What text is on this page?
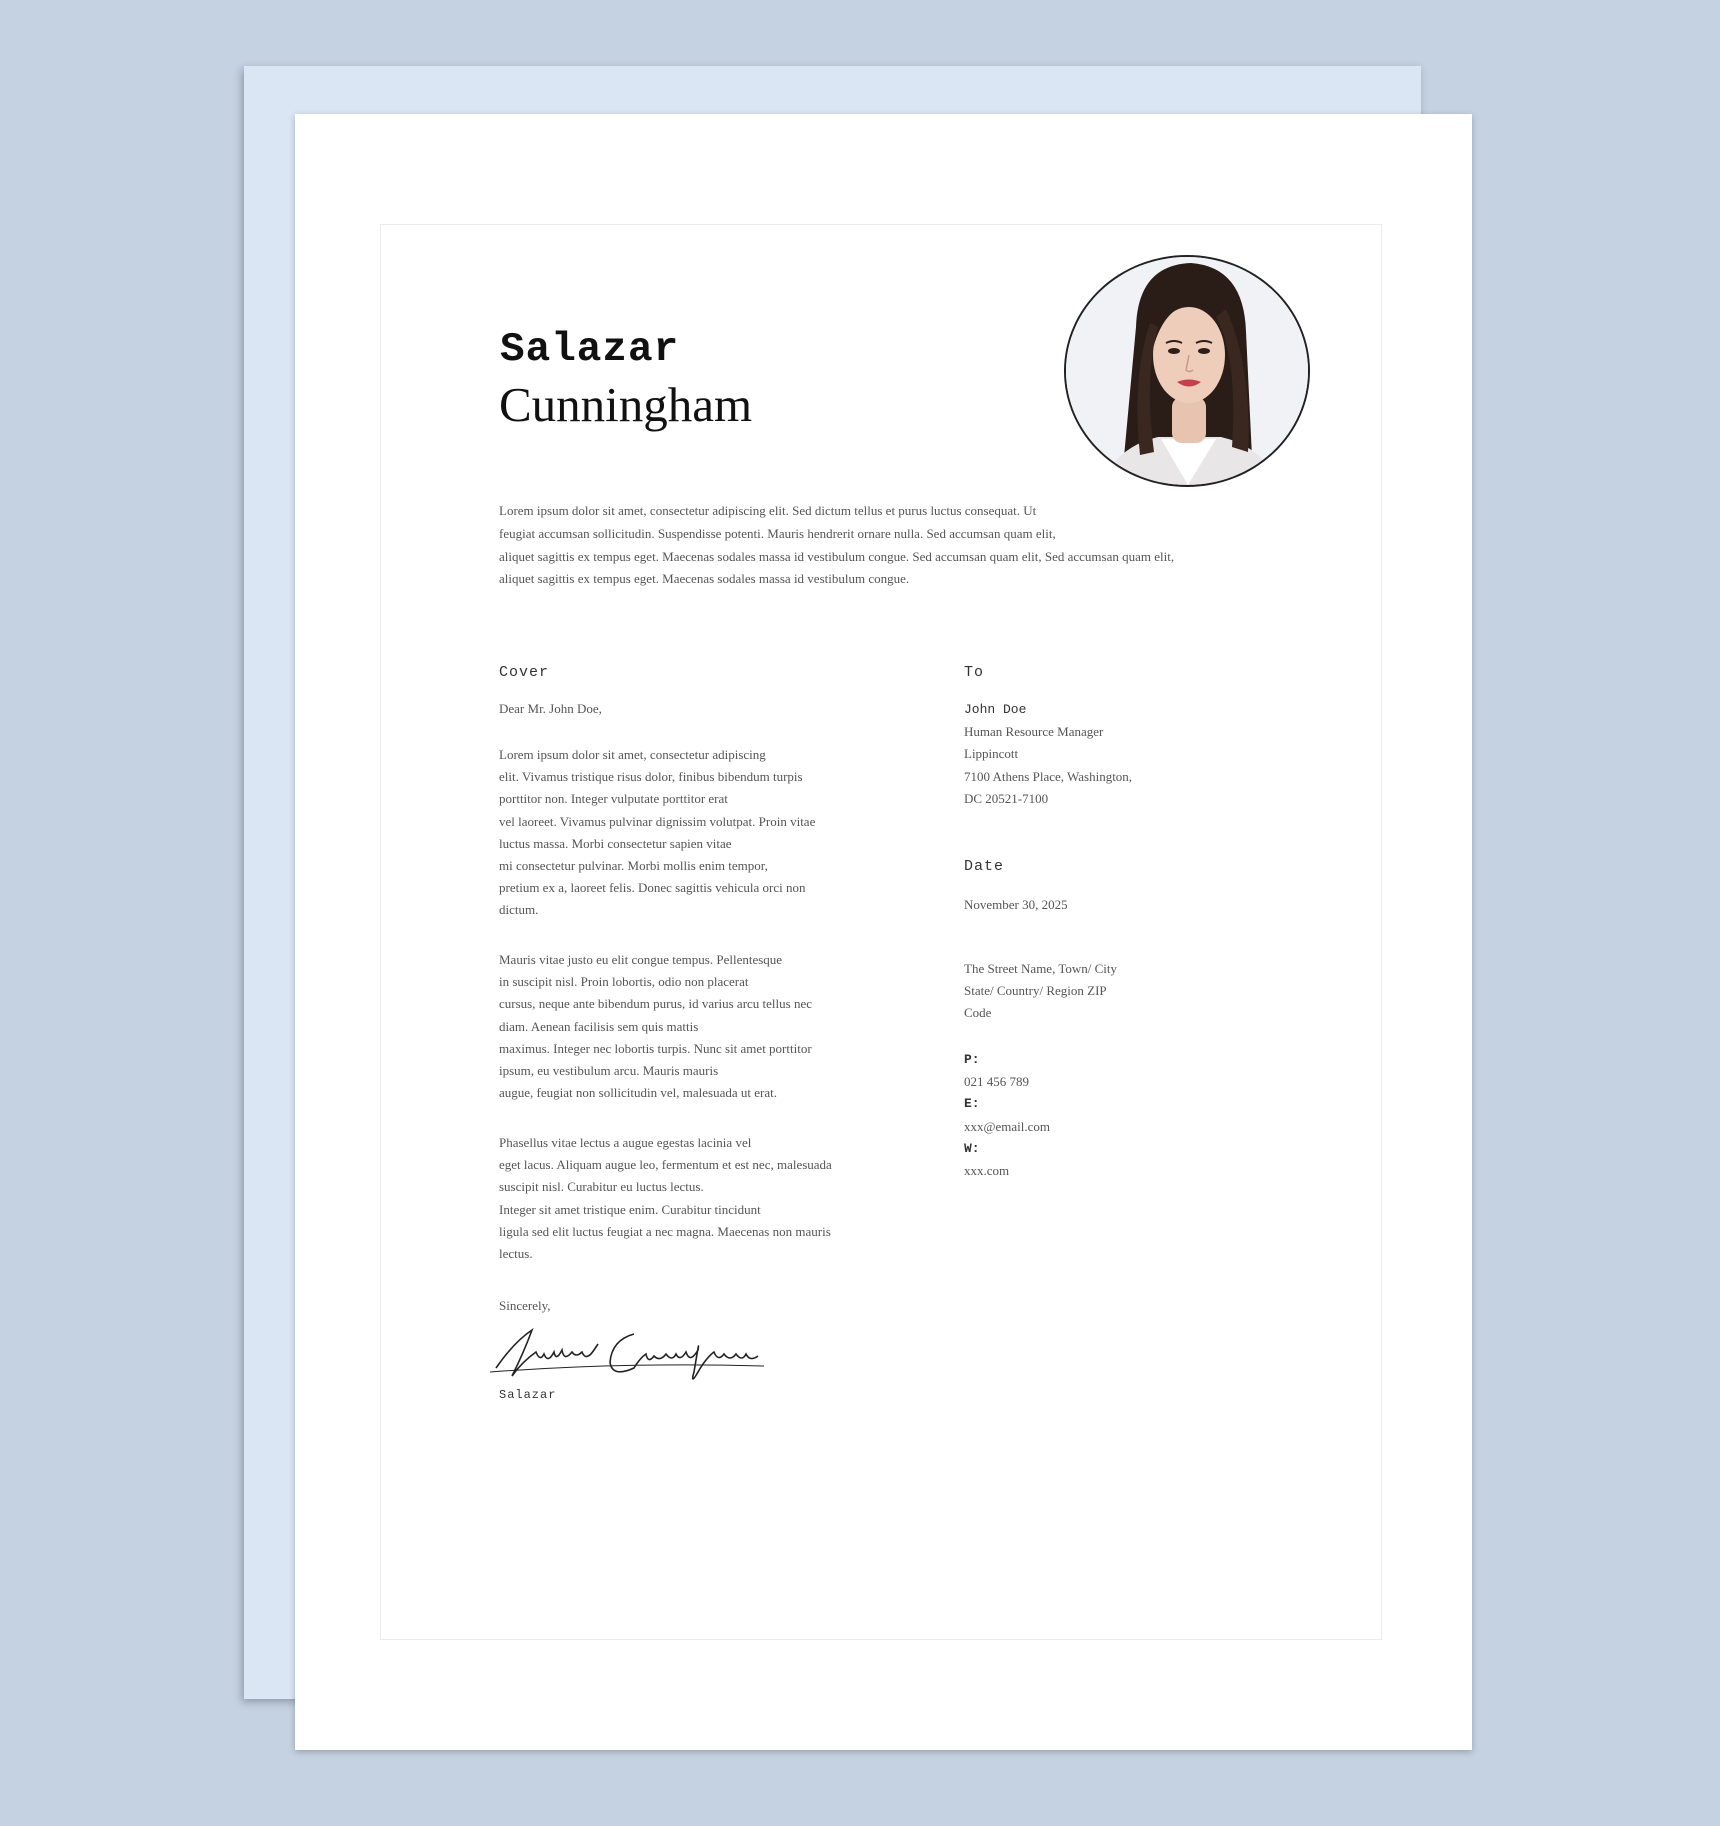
Salazar
Cunningham
Lorem ipsum dolor sit amet, consectetur adipiscing elit. Sed dictum tellus et purus luctus consequat. Ut
feugiat accumsan sollicitudin. Suspendisse potenti. Mauris hendrerit ornare nulla. Sed accumsan quam elit,
aliquet sagittis ex tempus eget. Maecenas sodales massa id vestibulum congue. Sed accumsan quam elit, Sed accumsan quam elit,
aliquet sagittis ex tempus eget. Maecenas sodales massa id vestibulum congue.
Cover
Dear Mr. John Doe,
Lorem ipsum dolor sit amet, consectetur adipiscing
elit. Vivamus tristique risus dolor, finibus bibendum turpis
porttitor non. Integer vulputate porttitor erat
vel laoreet. Vivamus pulvinar dignissim volutpat. Proin vitae
luctus massa. Morbi consectetur sapien vitae
mi consectetur pulvinar. Morbi mollis enim tempor,
pretium ex a, laoreet felis. Donec sagittis vehicula orci non
dictum.
Mauris vitae justo eu elit congue tempus. Pellentesque
in suscipit nisl. Proin lobortis, odio non placerat
cursus, neque ante bibendum purus, id varius arcu tellus nec
diam. Aenean facilisis sem quis mattis
maximus. Integer nec lobortis turpis. Nunc sit amet porttitor
ipsum, eu vestibulum arcu. Mauris mauris
augue, feugiat non sollicitudin vel, malesuada ut erat.
Phasellus vitae lectus a augue egestas lacinia vel
eget lacus. Aliquam augue leo, fermentum et est nec, malesuada
suscipit nisl. Curabitur eu luctus lectus.
Integer sit amet tristique enim. Curabitur tincidunt
ligula sed elit luctus feugiat a nec magna. Maecenas non mauris
lectus.
Sincerely,
Salazar
To
John Doe
Human Resource Manager
Lippincott
7100 Athens Place, Washington,
DC 20521-7100
Date
November 30, 2025
The Street Name, Town/ City
State/ Country/ Region ZIP
Code
P:
021 456 789
E:
xxx@email.com
W:
xxx.com
